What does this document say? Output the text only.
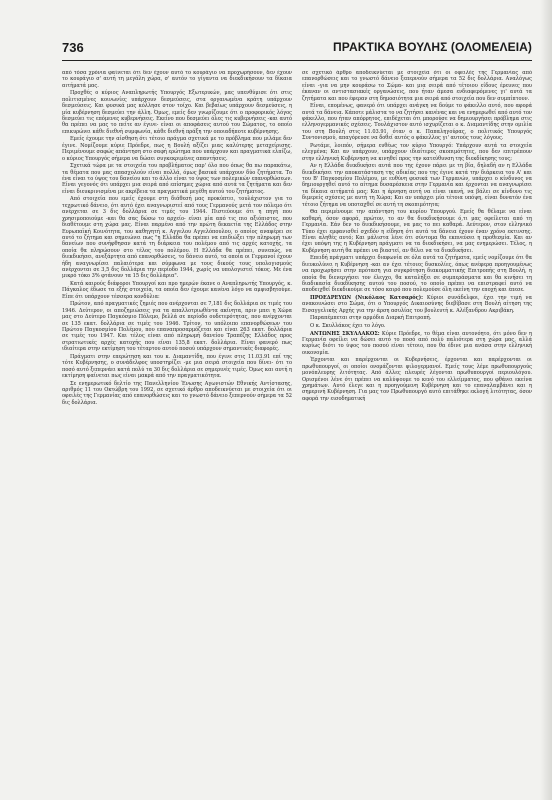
736	ΠΡΑΚΤΙΚΑ ΒΟΥΛΗΣ (ΟΛΟΜΕΛΕΙΑ)

από τόσα χρόνια φαίνεται ότι δεν έχουν αυτό το κουράγιο να προχωρήσουν, δεν έχουν το κουράγιο σ' αυτή τη μεγάλη χώρα, σ' αυτόν το γίγαντα να διεκδικήσουν τα δίκαια αιτήματά μας.

Προχθές ο κύριος Αναπληρωτής Υπουργός Εξωτερικών, μας υπενθύμισε ότι στις πολιτισμένες κοινωνίες υπάρχουν δεσμεύσεις, στα οργανωμένα κράτη υπάρχουν δεσμεύσεις. Και φυσικά μας κόλλησε στον τοίχο. Και βεβαίως υπάρχουν δεσμεύσεις, η μία κυβέρνηση δεσμεύει την άλλη. Όμως, εμείς δεν γνωρίζουμε ότι ο προφορικός λόγος δεσμεύει τις επόμενες κυβερνήσεις. Εκείνο που δεσμεύει όλες τις κυβερνήσεις -και αυτό θα πρέπει να μας το πείτε αν έγινε- είναι οι αποφάσεις αυτού του Σώματος, το οποίο επικυρώνει κάθε διεθνή συμφωνία, κάθε διεθνή πράξη την οποιαδήποτε κυβέρνησης.

Εμείς έχουμε την αίσθηση ότι τέτοιο πράγμα σχετικά με το πρόβλημα που μιλάμε δεν έγινε. Νομίζουμε κύριε Πρόεδρε, πως η Βουλή αξίζει μιας καλύτερης μεταχείρισης. Περιμένουμε σαφώς απάντηση στο σαφή ερώτημα που υπάρχουν και πραγματικά ελπίζω, ο κύριος Υπουργός σήμερα να δώσει συγκεκριμένες απαντήσεις.

Σχετικά τώρα με τα στοιχεία του προβλήματος παρ' όλο που όπως θα πω παρακάτω, τα θέματα που μας απασχολούν είναι πολλά, όμως βασικά υπάρχουν δύο ζητήματα. Το ένα είναι το ύψος του δανείου και το άλλο είναι το ύψος των πολεμικών επανορθώσεων. Είναι γεγονός ότι υπάρχει μια σειρά από επίσημες χώρια από αυτά τα ζητήματα και δεν είναι διευκρινισμένα με ακρίβεια τα πραγματικά μεγέθη αυτού του ζητήματος.

Από στοιχεία που εμείς έχουμε στη διάθεσή μας προκύπτει, τουλάχιστον για το τεχρωτικό δάνειο, ότι αυτό έχει αναγνωριστεί από τους Γερμανούς μετά τον πόλεμο ότι ανέρχεται σε 3 δις δολλάρια σε τιμές του 1944. Πιστεύουμε ότι η πηγή που χρησιμοποιούμε -και θα σας δώσω το αρχείο- είναι μία από τις πιο αξιόπιστες, που διαθέτουμε στη χώρα μας. Είναι παρμένο από την πρώτη δεκαετία της Ελλάδος στην Ευρωπαϊκή Κοινότητα, του καθηγητή κ. Αγγελου Αγγελόπουλου, ο οποίος αναφέρει σε αυτό το ζήτημα και σημειώνει πως "η Ελλάδα θα πρέπει να επιδιώξει την πληρωμή των δανείων που συνήφθησαν κατά τη διάρκεια του πολέμου από τις αρχές κατοχής, τα οποία θα πληρώσουν στο τέλος του πολέμου. Η Ελλάδα θα πρέπει, συνεπώς, να διεκδικήσει, ανεξάρτητα από επανορθώσεις, το δάνειο αυτό, τα οποία οι Γερμανοί έχουν ήδη αναγνωρίσει παλαιότερα και σύμφωνα με τους δικούς τους υπολογισμούς ανέρχονται σε 3,5 δις δολλάρια την περίοδο 1944, χωρίς να υπολογιστεί τόκος. Με ένα μικρό τόκο 3% φτάνουν τα 15 δις δολλάρια".

Κατά καιρούς διάφοροι Υπουργοί και προ ημερών έκανε ο Αναπληρωτής Υπουργός, κ. Πάγκαλος έδωσε τα εξής στοιχεία, τα οποία δεν έχουμε κανένα λόγο να αμφισβητούμε. Είπε ότι υπάρχουν τέσσερα κονδύλια:

Πρώτον, από πραγματικές ζημιές που ανέρχονται σε 7,181 δις δολλάρια σε τιμές του 1946. Δεύτερον, οι αποζημιώσεις για τα απαλλοτριωθέντα ακίνητα, πριν μπει η Χώρα μας στο Δεύτερο Παγκόσμιο Πόλεμο, βελλά σε περίοδο ουδετερότητας, που ανέρχονται σε 135 εκατ. δολλάρια σε τιμές του 1946. Τρίτον, το υπόλοιπο επανορθώσεων του Πρώτου Παγκοσμίου Πολέμου, που επαναπροσαρμόζεται και είναι 263 εκατ. δολλάρια σε τιμές του 1947. Και τέλος είναι από πληρωμή δανείου Τραπέζης Ελλάδος προς στρατιωτικές αρχές κατοχής που είναι 135,8 εκατ. δολλάρια. Είναι φανερό πως ιδιαίτερα στην εκτίμηση του τέταρτου αυτού ποσού υπάρχουν σημαντικές διαφορές.

Πράγματι στην επερώτηση και του κ. Διαμαντίδη, που έγινε στις 11.03.91 επί της τότε Κυβέρνησης, ο συνάδελφος υποστηρίζει -με μια σειρά στοιχεία που δίνει- ότι το ποσό αυτό ξεπερνάει κατά πολύ τα 30 δις δολλάρια σε σημερινές τιμές. Όμως και αυτή η εκτίμηση φαίνεται πως είναι μακρά από την πραγματικότητα.

Σε ενημερωτικό δελτίο της Πανελληνίου Ένωσης Αγωνιστών Εθνικής Αντίστασης, αριθμός 11 του Οκτώβρη του 1992, σε σχετικό άρθρο αποδεικνύεται με στοιχεία ότι οι οφειλές της Γερμανίας από επανορθώσεις και το γνωστό δάνειο ξεπερνούν σήμερα τα 52 δις δολλάρια.

σε σχετικό άρθρο αποδεικνύεται με στοιχεία ότι οι οφειλές της Γερμανίας από επανορθώσεις και το γνωστό δάνειο ξεπερνούν σήμερα τα 52 δις δολλάρια. Αναλόγως είναι -για να μην κουράσω το Σώμα- και μια σειρά από τέτοιου είδους έρευνες που έκαναν οι αντιστασιακές οργανώσεις, που ήταν άμεσα ενδιαφερόμενες γι' αυτά τα ζητήματα και που έφεραν στη δημοσιότητα μια σειρά από στοιχεία που δεν συμπίπτουν.

Είναι, επομένως, φανερό ότι υπάρχει ανάγκη να δούμε το φάκελλο αυτό, που αφορά αυτά τα δάνεια. Κάποτε μάλιστα το να ζητήσει κανένας και να ενημερωθεί από αυτό τον φάκελλο, που ήταν απόρρητος, επιδέχεται ότι μπορούσε να δημιουργήσει πρόβλημα στις ελληνογερμανικές σχέσεις. Τουλάχιστον αυτό ισχυρίζεται ο κ. Διαμαντίδης στην ομιλία του στη Βουλή στις 11.03.91, όταν ο κ. Παπαληγούρας, ο πολιτικός Υπουργός Συντονισμού, απαγόρευσε να δοθεί αυτός ο φάκελλος γι' αυτούς τους λόγους.

Ρωτάμε, λοιπόν, σήμερα ευθέως τον κύριο Υπουργό: Υπάρχουν αυτά τα στοιχεία ελεγμένα; Και αν υπάρχουν, υπάρχουν ιδιαίτερες σκοπιμότητες, που δεν επιτρέπουν στην ελληνική Κυβέρνηση να κινηθεί προς την κατεύθυνση της διεκδίκησης τους;

Αν η Ελλάδα διεκδικήσει αυτά που της έχουν πάρει με τη βία, δηλαδή αν η Ελλάδα διεκδικήσει την αποκατάσταση της αδικίας που της έγινε κατά την διάρκεια του Α' και του Β' Παγκοσμίου Πολέμου, με ευθύνη φυσικά των Γερμανών, υπάρχει ο κίνδυνος να δημιουργηθεί αυτό το αίτημα δυσαρέσκεια στην Γερμανία και έρχονται να αναγνωρίσει τα δίκαια αιτήματά μας; Και η άρνηση αυτή να είναι ικανή, να βάλει σε κίνδυνο τις διμερείς σχέσεις με αυτή τη Χώρα; Και αν υπάρχει μία τέτοια υπόψη, είναι δυνατόν ένα τέτοιο ζήτημα να υποταχθεί σε αυτή τη σκοπιμότητα;

Θα περιμένουμε την απάντηση του κυρίου Υπουργού. Εμείς θα θέλαμε να είναι καθαρή, όσον αφορά, πρώτον, το αν θα διεκδικήσουμε ό,τι μας οφείλεται από τη Γερμανία. Εάν δεν το διεκδικήσουμε, να μας το πει καθαρά. Δεύτερον, στον ελληνικό Τύπο έχει εμφανισθεί σχεδόν η είδηση ότι αυτά τα δάνεια έχουν έναν χρόνο εκτινσης. Είναι αληθές αυτό; Και μάλιστα λένε ότι σύντομα θα εκπνεύσει η προθεσμία. Και αν έχει υπόψη της η Κυβέρνηση πράγματι να τα διεκδικήσει, να μας ενημερώσει. Τέλος, η Κυβέρνηση αυτή θα πρέπει να βιαστεί, αν θέλει να τα διεκδικήσει.

Επειδή πράγματι υπάρχει διαφωνία σε όλα αυτά τα ζητήματα, εμείς νομίζουμε ότι θα διευκολύνει η Κυβέρνηση -και αν έχει τέτοιες δυσκολίες, όπως ανέφερα προηγουμένως να προχωρήσει στην πρόταση για συγκρότηση διακομματικής Επιτροπής στη Βουλή, η οποία θα διενεργήσει τον έλεγχο, θα καταλήξει σε συμπεράσματα και θα κινήσει τη διαδικασία διεκδίκησης αυτού του ποσού, το οποίο πρέπει να επιστραφεί αυτό να αποδειχθεί διεκδικούμε σε τόσο καιρό που πολεμούσε όλη εκείνη την εποχή και έπεσε.

ΠΡΟΕΔΡΕΥΩΝ (Νικόλαος Κατσαρός): Κύριοι συνάδελφοι, έχει την τιμή να ανακοινώσει στο Σώμα, ότι ο Υπουργός Δικαιοσύνης διεβίβασε στη Βουλή αίτηση της Εισαγγελικής Αρχής για την άρση ασυλίας του βουλευτή κ. Αλέξανδρου Ακριβάκη.

Παραπέμπεται στην αρμόδια Διαρκή Επιτροπή.

Ο κ. Σκυλλάκος έχει το λόγο.

ΑΝΤΩΝΗΣ ΣΚΥΛΛΑΚΟΣ: Κύριε Πρόεδρε, το θέμα είναι αυτονόητο, ότι μόνο δεν η Γερμανία οφείλει να δώσει αυτό το ποσό από πολύ παλιότερα στη χώρα μας, αλλά κυρίως διότι το ύψος του ποσού είναι τέτοιο, που θα έδινε μια ανάσα στην ελληνική οικονομία.

Έρχονται και παρέρχονται οι Κυβερνήσεις, έρχονται και παρέρχονται οι πρωθυπουργοί, οι οποίοι ονομάζονται φιλογερμανοί. Εμείς τους λέμε πρωθυπουργούς μονόπλευρης λιτότητας. Από άλλες πλευρές λέγονται πρωθυπουργοί περιουλόγου. Ορισμένοι λένε ότι πρέπει να καλύψουμε το κενό του ελλείμματος, που φθάνει εκείνα χρημάτων. Αυτό έλεγε και η προηγούμενη Κυβέρνηση και το επαναλαμβάνει και η σημερινή Κυβέρνηση. Για μας τον Πρωθυπουργό αυτό επιτάθηκε εκλογή λιτότητας, όσον αφορά την εισοδηματική
